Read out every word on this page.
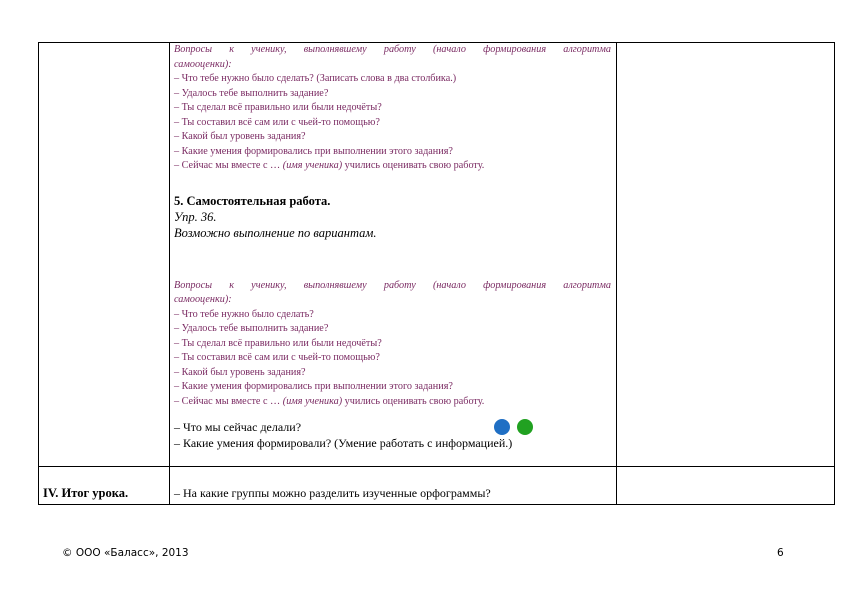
Вопросы к ученику, выполнявшему работу (начало формирования алгоритма
самооценки):
– Что тебе нужно было сделать? (Записать слова в два столбика.)
– Удалось тебе выполнить задание?
– Ты сделал всё правильно или были недочёты?
– Ты составил всё сам или с чьей-то помощью?
– Какой был уровень задания?
– Какие умения формировались при выполнении этого задания?
– Сейчас мы вместе с … (имя ученика) учились оценивать свою работу.
5. Самостоятельная работа.
Упр. 36.
Возможно выполнение по вариантам.
Вопросы к ученику, выполнявшему работу (начало формирования алгоритма
самооценки):
– Что тебе нужно было сделать?
– Удалось тебе выполнить задание?
– Ты сделал всё правильно или были недочёты?
– Ты составил всё сам или с чьей-то помощью?
– Какой был уровень задания?
– Какие умения формировались при выполнении этого задания?
– Сейчас мы вместе с … (имя ученика) учились оценивать свою работу.
– Что мы сейчас делали?
– Какие умения формировали? (Умение работать с информацией.)
IV. Итог урока.	– На какие группы можно разделить изученные орфограммы?
© ООО «Баласс», 2013	6
